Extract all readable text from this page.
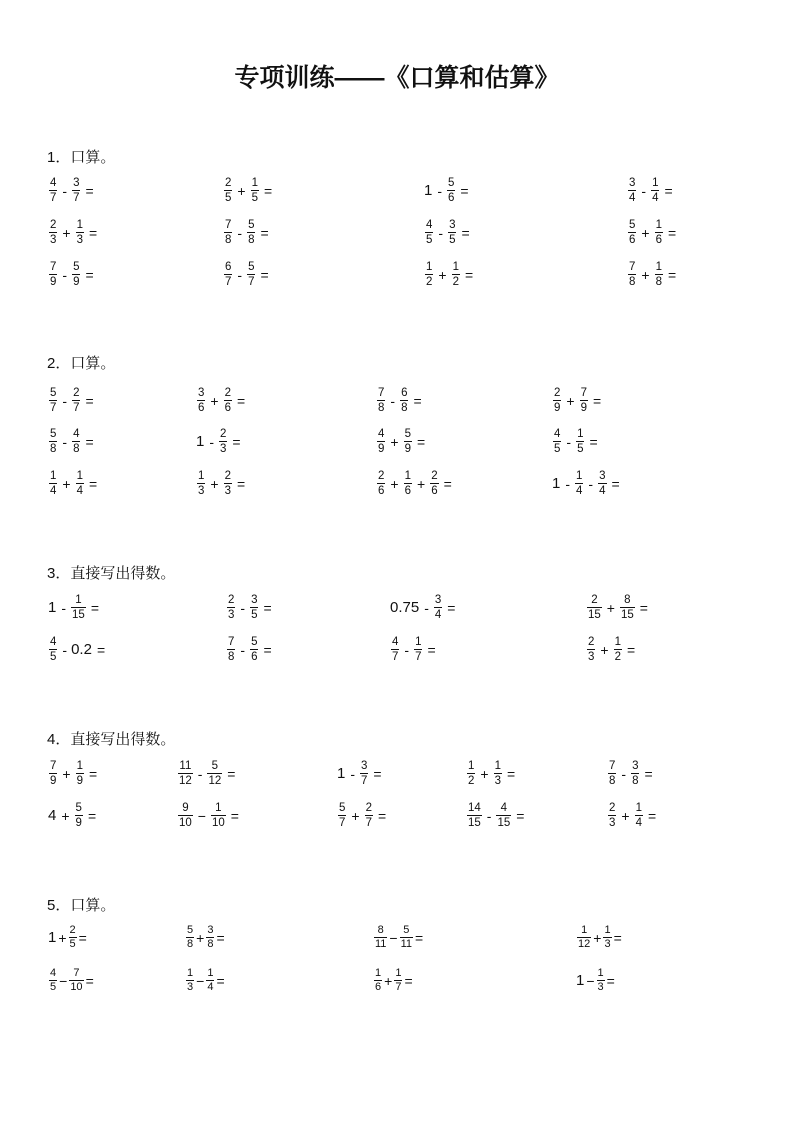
专项训练——《口算和估算》
1．口算。
$\frac{4}{7} - \frac{3}{7}$ =	$\frac{2}{5} + \frac{1}{5}$ =	$1 - \frac{5}{6}$ =	$\frac{3}{4} - \frac{1}{4}$ =
$\frac{2}{3} + \frac{1}{3}$ =	$\frac{7}{8} - \frac{5}{8}$ =	$\frac{4}{5} - \frac{3}{5}$ =	$\frac{5}{6} + \frac{1}{6}$ =
$\frac{7}{9} - \frac{5}{9}$ =	$\frac{6}{7} - \frac{5}{7}$ =	$\frac{1}{2} + \frac{1}{2}$ =	$\frac{7}{8} + \frac{1}{8}$ =
2．口算。
$\frac{5}{7} - \frac{2}{7}$ =	$\frac{3}{6} + \frac{2}{6}$ =	$\frac{7}{8} - \frac{6}{8}$ =	$\frac{2}{9} + \frac{7}{9}$ =
$\frac{5}{8} - \frac{4}{8}$ =	$1 - \frac{2}{3}$ =	$\frac{4}{9} + \frac{5}{9}$ =	$\frac{4}{5} - \frac{1}{5}$ =
$\frac{1}{4} + \frac{1}{4}$ =	$\frac{1}{3} + \frac{2}{3}$ =	$\frac{2}{6} + \frac{1}{6} + \frac{2}{6}$ =	$1 - \frac{1}{4} - \frac{3}{4}$ =
3．直接写出得数。
$1 - \frac{1}{15}$ =	$\frac{2}{3} - \frac{3}{5}$ =	$0.75 - \frac{3}{4}$ =	$\frac{2}{15} + \frac{8}{15}$ =
$\frac{4}{5} - 0.2$ =	$\frac{7}{8} - \frac{5}{6}$ =	$\frac{4}{7} - \frac{1}{7}$ =	$\frac{2}{3} + \frac{1}{2}$ =
4．直接写出得数。
$\frac{7}{9} + \frac{1}{9}$ =	$\frac{11}{12} - \frac{5}{12}$ =	$1 - \frac{3}{7}$ =	$\frac{1}{2} + \frac{1}{3}$ =	$\frac{7}{8} - \frac{3}{8}$ =
$4 + \frac{5}{9}$ =	$\frac{9}{10} - \frac{1}{10}$ =	$\frac{5}{7} + \frac{2}{7}$ =	$\frac{14}{15} - \frac{4}{15}$ =	$\frac{2}{3} + \frac{1}{4}$ =
5．口算。
$1 + \frac{2}{5}$ =	$\frac{5}{8} + \frac{3}{8}$ =	$\frac{8}{11} - \frac{5}{11}$ =	$\frac{1}{12} + \frac{1}{3}$ =
$\frac{4}{5} - \frac{7}{10}$ =	$\frac{1}{3} - \frac{1}{4}$ =	$\frac{1}{6} + \frac{1}{7}$ =	$1 - \frac{1}{3}$ =
